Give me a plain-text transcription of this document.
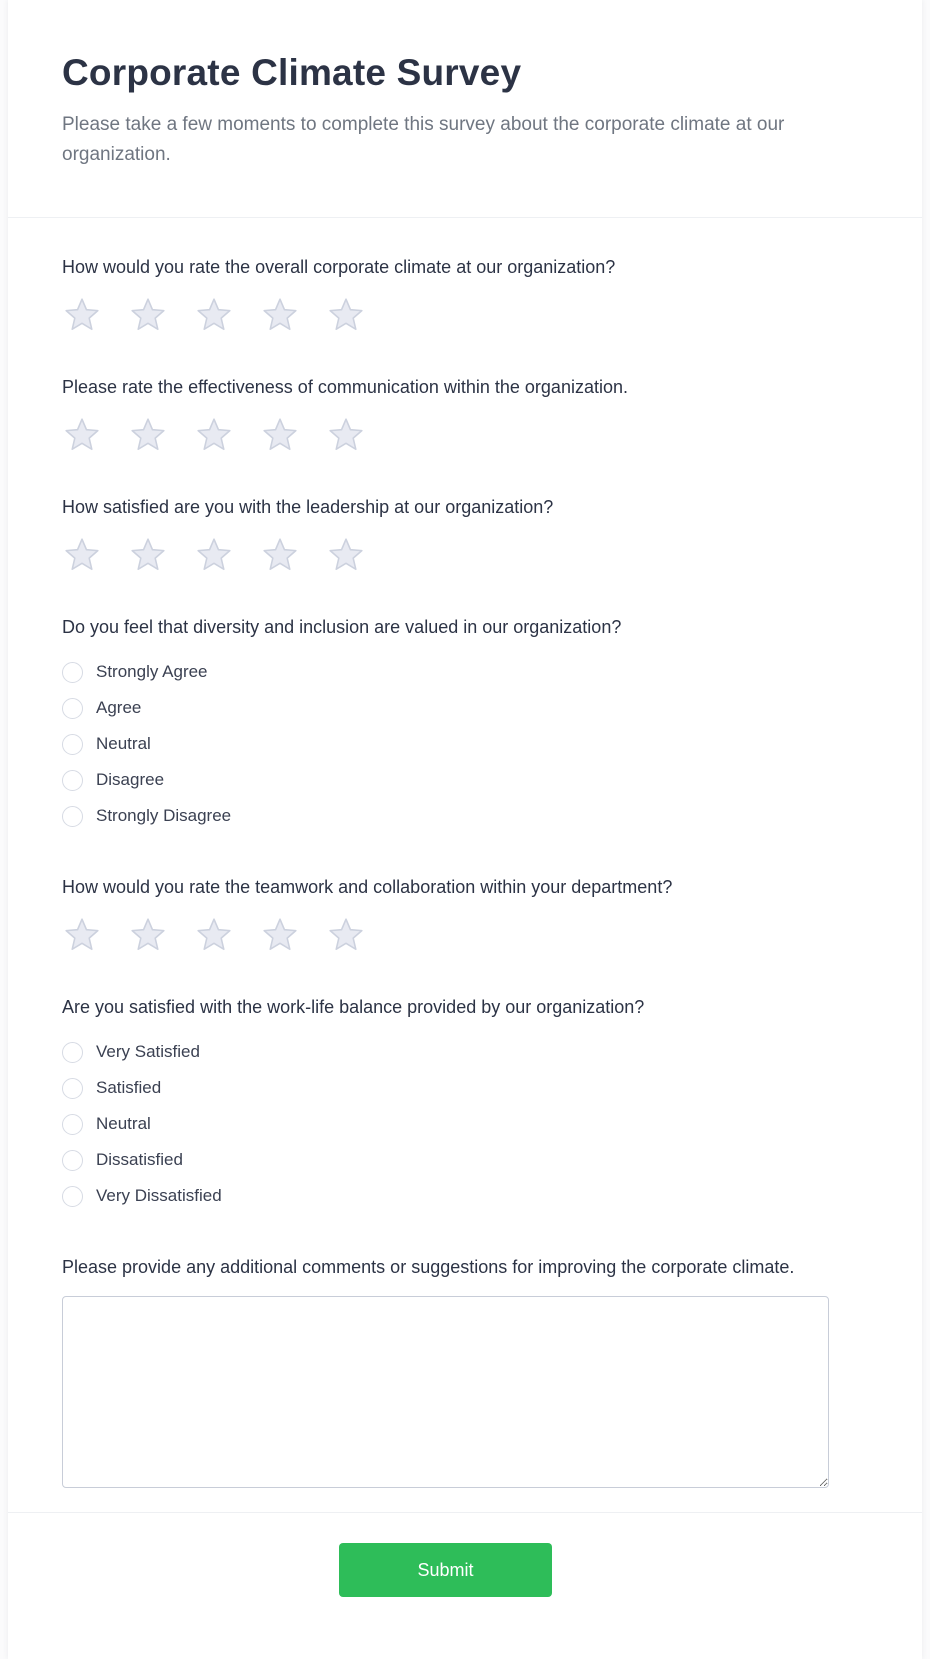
Corporate Climate Survey
Please take a few moments to complete this survey about the corporate climate at our organization.
How would you rate the overall corporate climate at our organization?
Please rate the effectiveness of communication within the organization.
How satisfied are you with the leadership at our organization?
Do you feel that diversity and inclusion are valued in our organization?
Strongly Agree
Agree
Neutral
Disagree
Strongly Disagree
How would you rate the teamwork and collaboration within your department?
Are you satisfied with the work-life balance provided by our organization?
Very Satisfied
Satisfied
Neutral
Dissatisfied
Very Dissatisfied
Please provide any additional comments or suggestions for improving the corporate climate.
Submit
